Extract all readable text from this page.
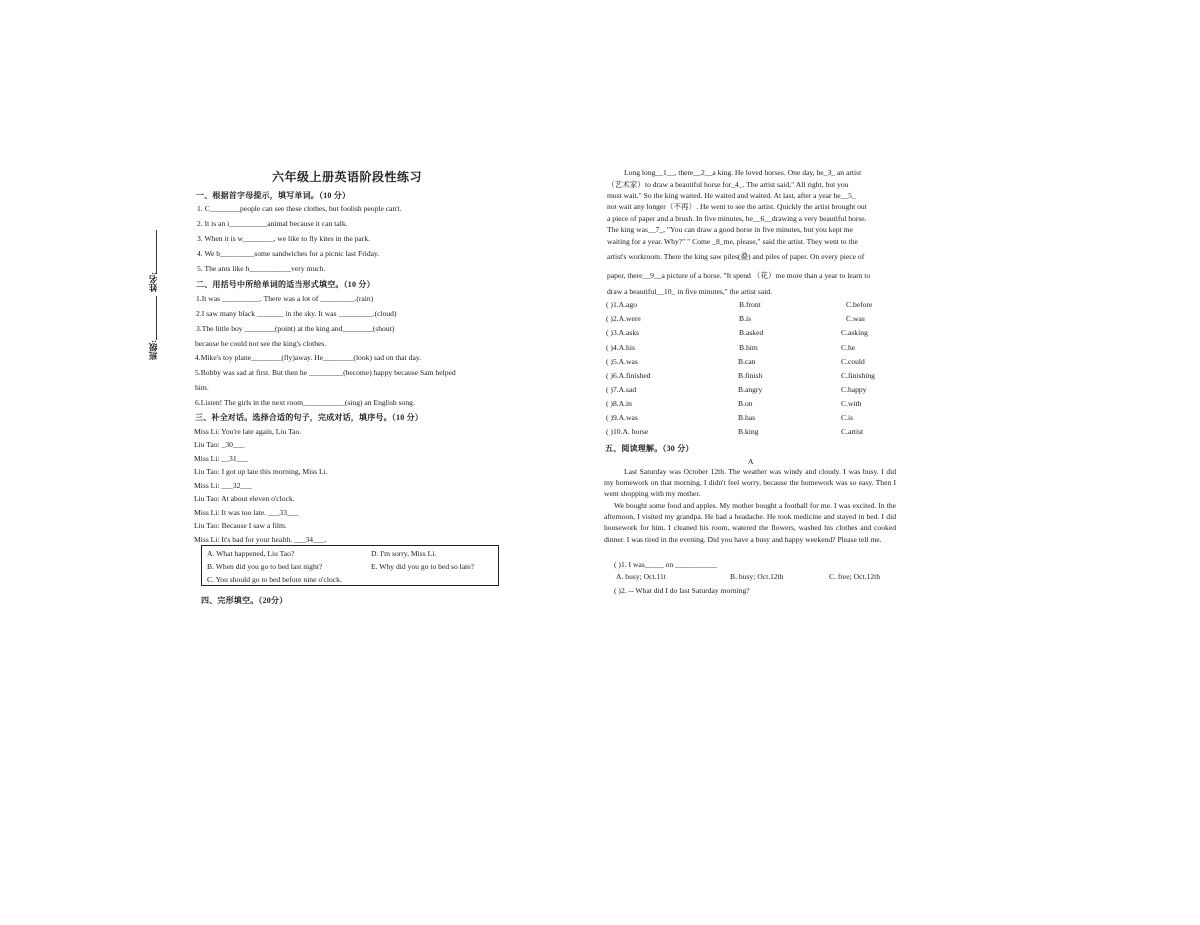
姓名:
班级:
六年级上册英语阶段性练习
一、根据首字母提示，填写单词。（10 分）
1. C________people can see these clothes, but foolish people can't.
2. It is an i__________animal because it can talk.
3. When it is w________, we like to fly kites in the park.
4. We b_________some sandwiches for a picnic last Friday.
5. The ants like h___________very much.
二、用括号中所给单词的适当形式填空。（10 分）
1.It was __________. There was a lot of _________.(rain)
2.I saw many black _______ in the sky. It was _________.(cloud)
3.The little boy ________(point) at the king and________(shout)
because he could not see the king's clothes.
4.Mike's toy plane________(fly)away. He________(look) sad on that day.
5.Bobby was sad at first. But then he _________(become) happy because Sam helped
him.
6.Listen! The girls in the next room___________(sing) an English song.
三、补全对话。选择合适的句子，完成对话，填序号。（10 分）
Miss Li: You're late again, Liu Tao.
Liu Tao: _30___
Miss Li: __31___
Liu Tao: I got up late this morning, Miss Li.
Miss Li: ___32___
Liu Tao: At about eleven o'clock.
Miss Li: It was too late. ___33___
Liu Tao: Because I saw a film.
Miss Li: It's bad for your health. ___34___.
A. What happened, Liu Tao?	D. I'm sorry, Miss Li.
B. When did you go to bed last night?	E. Why did you go to bed so late?
C. You should go to bed before nine o'clock.
四、完形填空。（20分）
Long long__1__, there__2__a king. He loved horses. One day, he_3_ an artist
（艺术家）to draw a beautiful horse for_4_. The artist said," All right, but you
must wait." So the king waited. He waited and waited. At last, after a year he__5_
not wait any longer（不再）. He went to see the artist. Quickly the artist brought out
a piece of paper and a brush. In five minutes, he__6__drawing a very beautiful horse.
The king was__7_, "You can draw a good horse in five minutes, but you kept me
waiting for a year. Why?" " Come _8_me, please," said the artist. They went to the
artist's workroom. There the king saw piles(叠) and piles of paper. On every piece of
paper, there__9__a picture of a horse. "It spend （花）me more than a year to learn to
draw a beautiful__10_ in five minutes," the artist said.
( )1.A.ago	B.front	C.before
( )2.A.were	B.is	C.was
( )3.A.asks	B.asked	C.asking
( )4.A.his	B.him	C.he
( )5.A.was	B.can	C.could
( )6.A.finished	B.finish	C.finishing
( )7.A.sad	B.angry	C.happy
( )8.A.in	B.on	C.with
( )9.A.was	B.has	C.is
( )10.A. horse	B.king	C.artist
五、阅读理解。（30 分）
A
Last Saturday was October 12th. The weather was windy and cloudy. I was busy. I did my homework on that morning. I didn't feel worry, because the homework was so easy. Then I went shopping with my mother.
We bought some food and apples. My mother bought a football for me. I was excited. In the afternoon, I visited my grandpa. He had a headache. He took medicine and stayed in bed. I did housework for him. I cleaned his room, watered the flowers, washed his clothes and cooked dinner. I was tired in the evening. Did you have a busy and happy weekend? Please tell me.
( )1. I was_____ on ___________
A. busy; Oct.11t	B. busy; Oct.12th	C. free; Oct.12th
( )2. -- What did I do last Saturday morning?
